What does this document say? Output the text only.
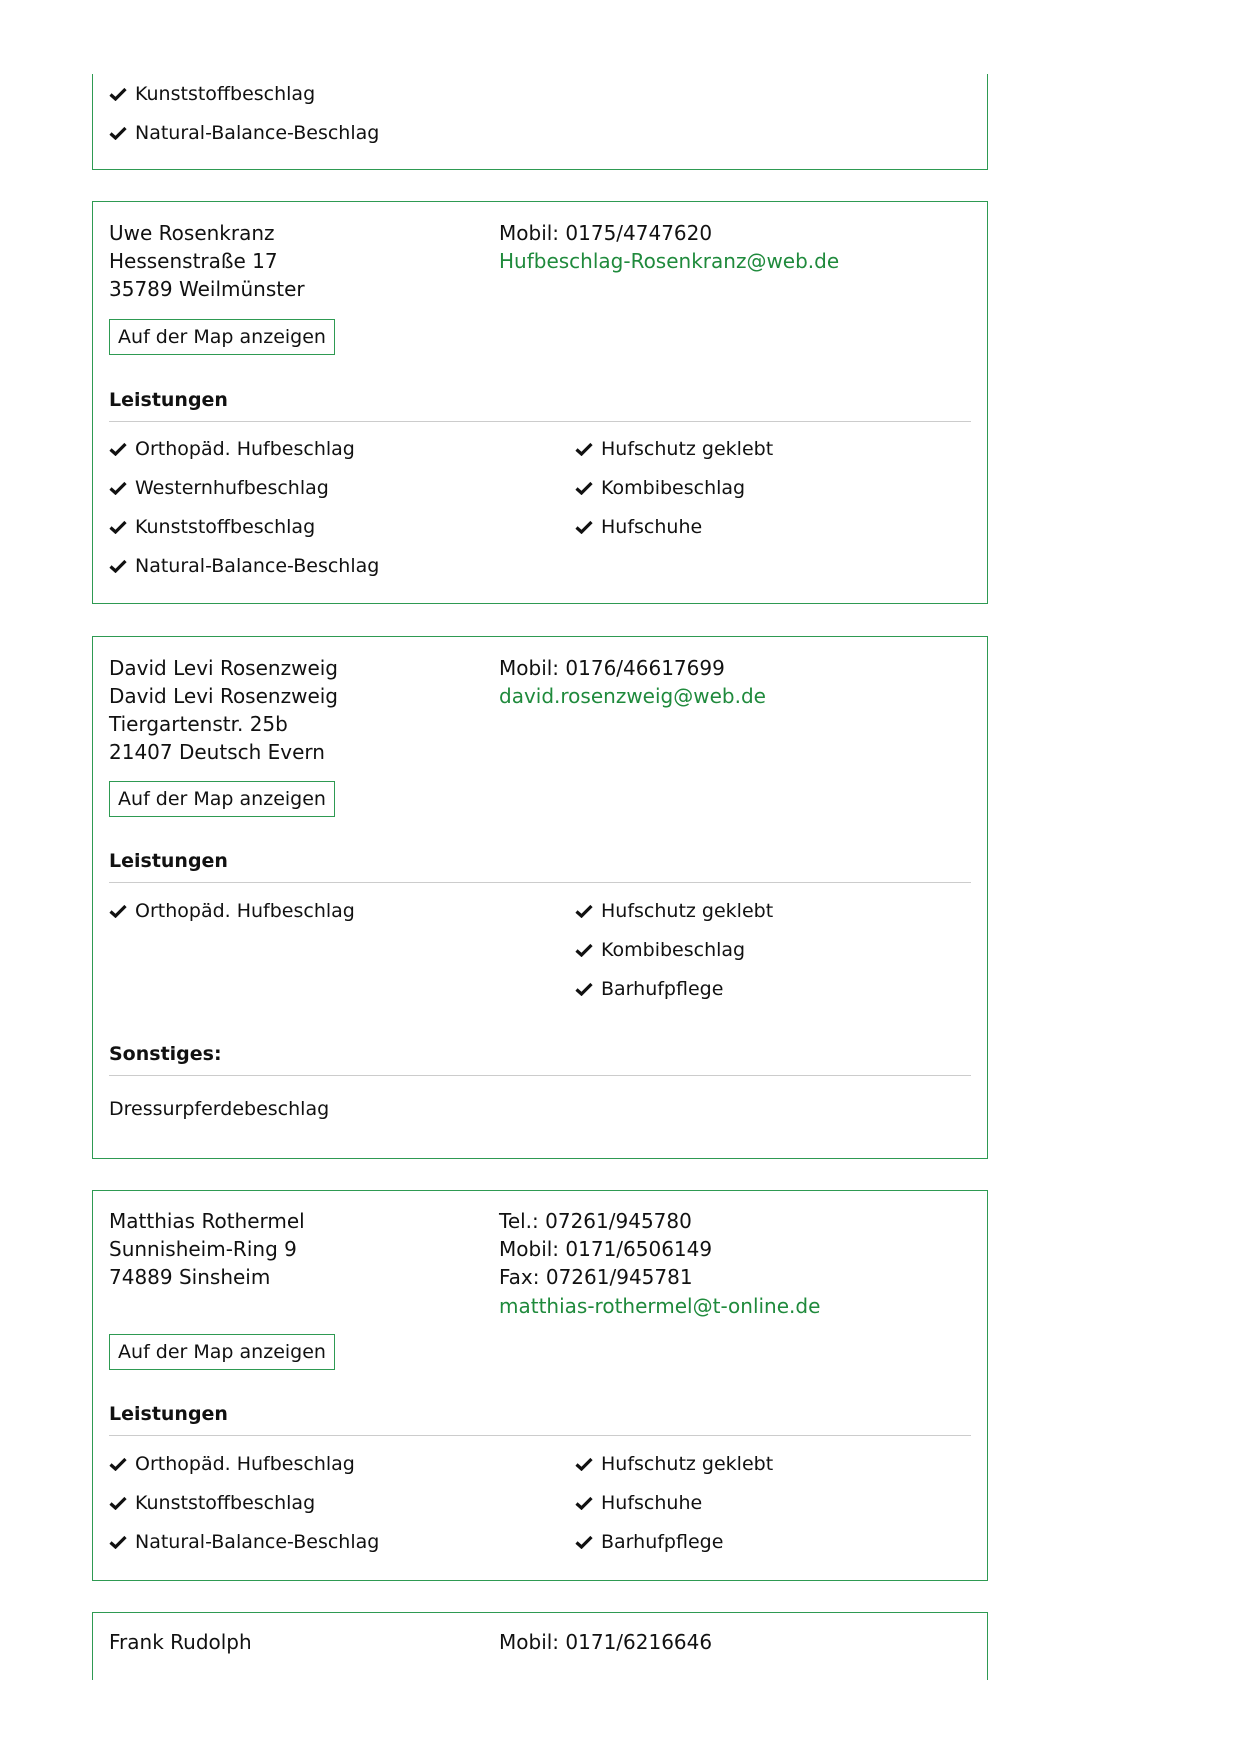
Kunststoffbeschlag
Natural-Balance-Beschlag
Uwe Rosenkranz
Hessenstraße 17
35789 Weilmünster
Mobil: 0175/4747620
Hufbeschlag-Rosenkranz@web.de
Auf der Map anzeigen
Leistungen
Orthopäd. Hufbeschlag
Westernhufbeschlag
Kunststoffbeschlag
Natural-Balance-Beschlag
Hufschutz geklebt
Kombibeschlag
Hufschuhe
David Levi Rosenzweig
David Levi Rosenzweig
Tiergartenstr. 25b
21407 Deutsch Evern
Mobil: 0176/46617699
david.rosenzweig@web.de
Auf der Map anzeigen
Leistungen
Orthopäd. Hufbeschlag	Hufschutz geklebt
Kombibeschlag
Barhufpflege
Sonstiges:
Dressurpferdebeschlag
Matthias Rothermel
Sunnisheim-Ring 9
74889 Sinsheim
Tel.: 07261/945780
Mobil: 0171/6506149
Fax: 07261/945781
matthias-rothermel@t-online.de
Auf der Map anzeigen
Leistungen
Orthopäd. Hufbeschlag
Kunststoffbeschlag
Natural-Balance-Beschlag
Hufschutz geklebt
Hufschuhe
Barhufpflege
Frank Rudolph	Mobil: 0171/6216646
